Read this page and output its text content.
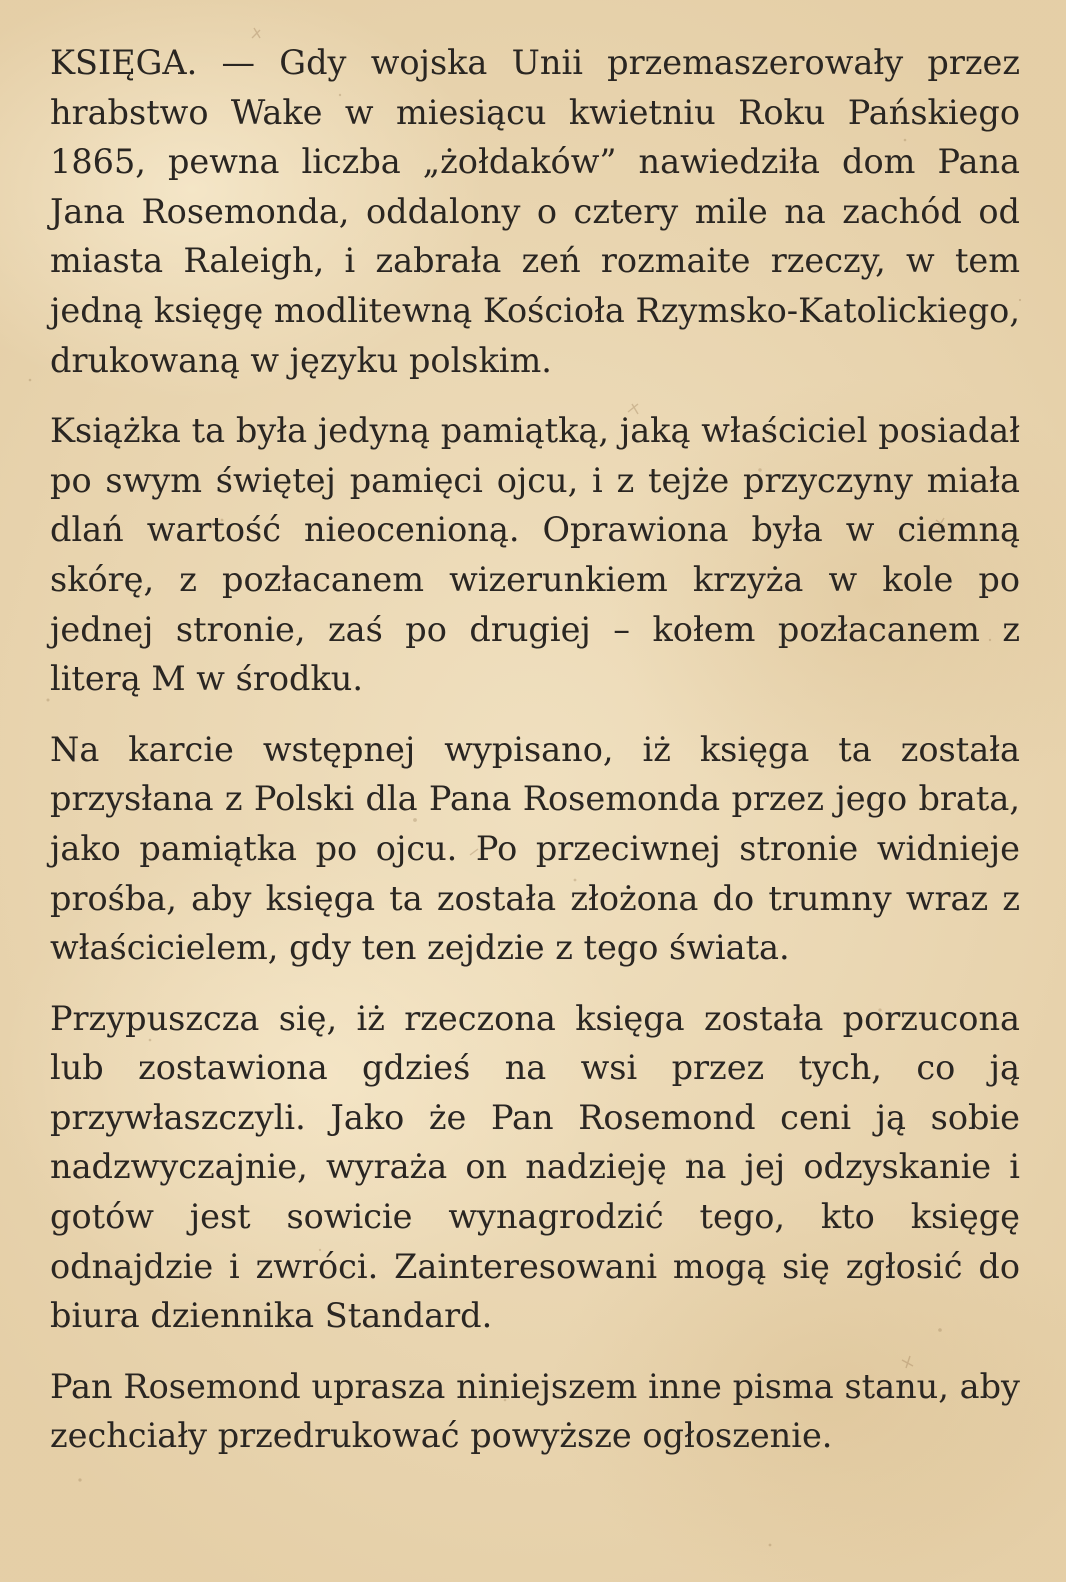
KSIĘGA. — Gdy wojska Unii przemaszerowały przez hrabstwo Wake w miesiącu kwietniu Roku Pańskiego 1865, pewna liczba „żołdaków” nawiedziła dom Pana Jana Rosemonda, oddalony o cztery mile na zachód od miasta Raleigh, i zabrała zeń rozmaite rzeczy, w tem jedną księgę modlitewną Kościoła Rzymsko-Katolickiego, drukowaną w języku polskim.

Książka ta była jedyną pamiątką, jaką właściciel posiadał po swym świętej pamięci ojcu, i z tejże przyczyny miała dlań wartość nieocenioną. Oprawiona była w ciemną skórę, z pozłacanem wizerunkiem krzyża w kole po jednej stronie, zaś po drugiej – kołem pozłacanem z literą M w środku.

Na karcie wstępnej wypisano, iż księga ta została przysłana z Polski dla Pana Rosemonda przez jego brata, jako pamiątka po ojcu. Po przeciwnej stronie widnieje prośba, aby księga ta została złożona do trumny wraz z właścicielem, gdy ten zejdzie z tego świata.

Przypuszcza się, iż rzeczona księga została porzucona lub zostawiona gdzieś na wsi przez tych, co ją przywłaszczyli. Jako że Pan Rosemond ceni ją sobie nadzwyczajnie, wyraża on nadzieję na jej odzyskanie i gotów jest sowicie wynagrodzić tego, kto księgę odnajdzie i zwróci. Zainteresowani mogą się zgłosić do biura dziennika Standard.

Pan Rosemond uprasza niniejszem inne pisma stanu, aby zechciały przedrukować powyższe ogłoszenie.
